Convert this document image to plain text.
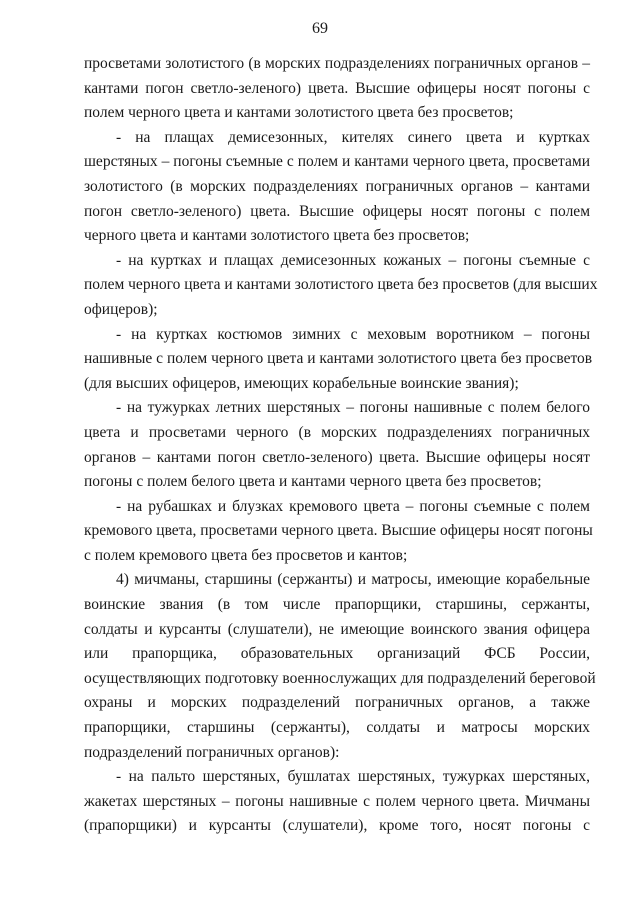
69
просветами золотистого (в морских подразделениях пограничных органов –
кантами погон светло-зеленого) цвета. Высшие офицеры носят погоны с
полем черного цвета и кантами золотистого цвета без просветов;
- на плащах демисезонных, кителях синего цвета и куртках
шерстяных – погоны съемные с полем и кантами черного цвета, просветами
золотистого (в морских подразделениях пограничных органов – кантами
погон светло-зеленого) цвета. Высшие офицеры носят погоны с полем
черного цвета и кантами золотистого цвета без просветов;
- на куртках и плащах демисезонных кожаных – погоны съемные с
полем черного цвета и кантами золотистого цвета без просветов (для высших
офицеров);
- на куртках костюмов зимних с меховым воротником – погоны
нашивные с полем черного цвета и кантами золотистого цвета без просветов
(для высших офицеров, имеющих корабельные воинские звания);
- на тужурках летних шерстяных – погоны нашивные с полем белого
цвета и просветами черного (в морских подразделениях пограничных
органов – кантами погон светло-зеленого) цвета. Высшие офицеры носят
погоны с полем белого цвета и кантами черного цвета без просветов;
- на рубашках и блузках кремового цвета – погоны съемные с полем
кремового цвета, просветами черного цвета. Высшие офицеры носят погоны
с полем кремового цвета без просветов и кантов;
4) мичманы, старшины (сержанты) и матросы, имеющие корабельные
воинские звания (в том числе прапорщики, старшины, сержанты,
солдаты и курсанты (слушатели), не имеющие воинского звания офицера
или прапорщика, образовательных организаций ФСБ России,
осуществляющих подготовку военнослужащих для подразделений береговой
охраны и морских подразделений пограничных органов, а также
прапорщики, старшины (сержанты), солдаты и матросы морских
подразделений пограничных органов):
- на пальто шерстяных, бушлатах шерстяных, тужурках шерстяных,
жакетах шерстяных – погоны нашивные с полем черного цвета. Мичманы
(прапорщики) и курсанты (слушатели), кроме того, носят погоны с
